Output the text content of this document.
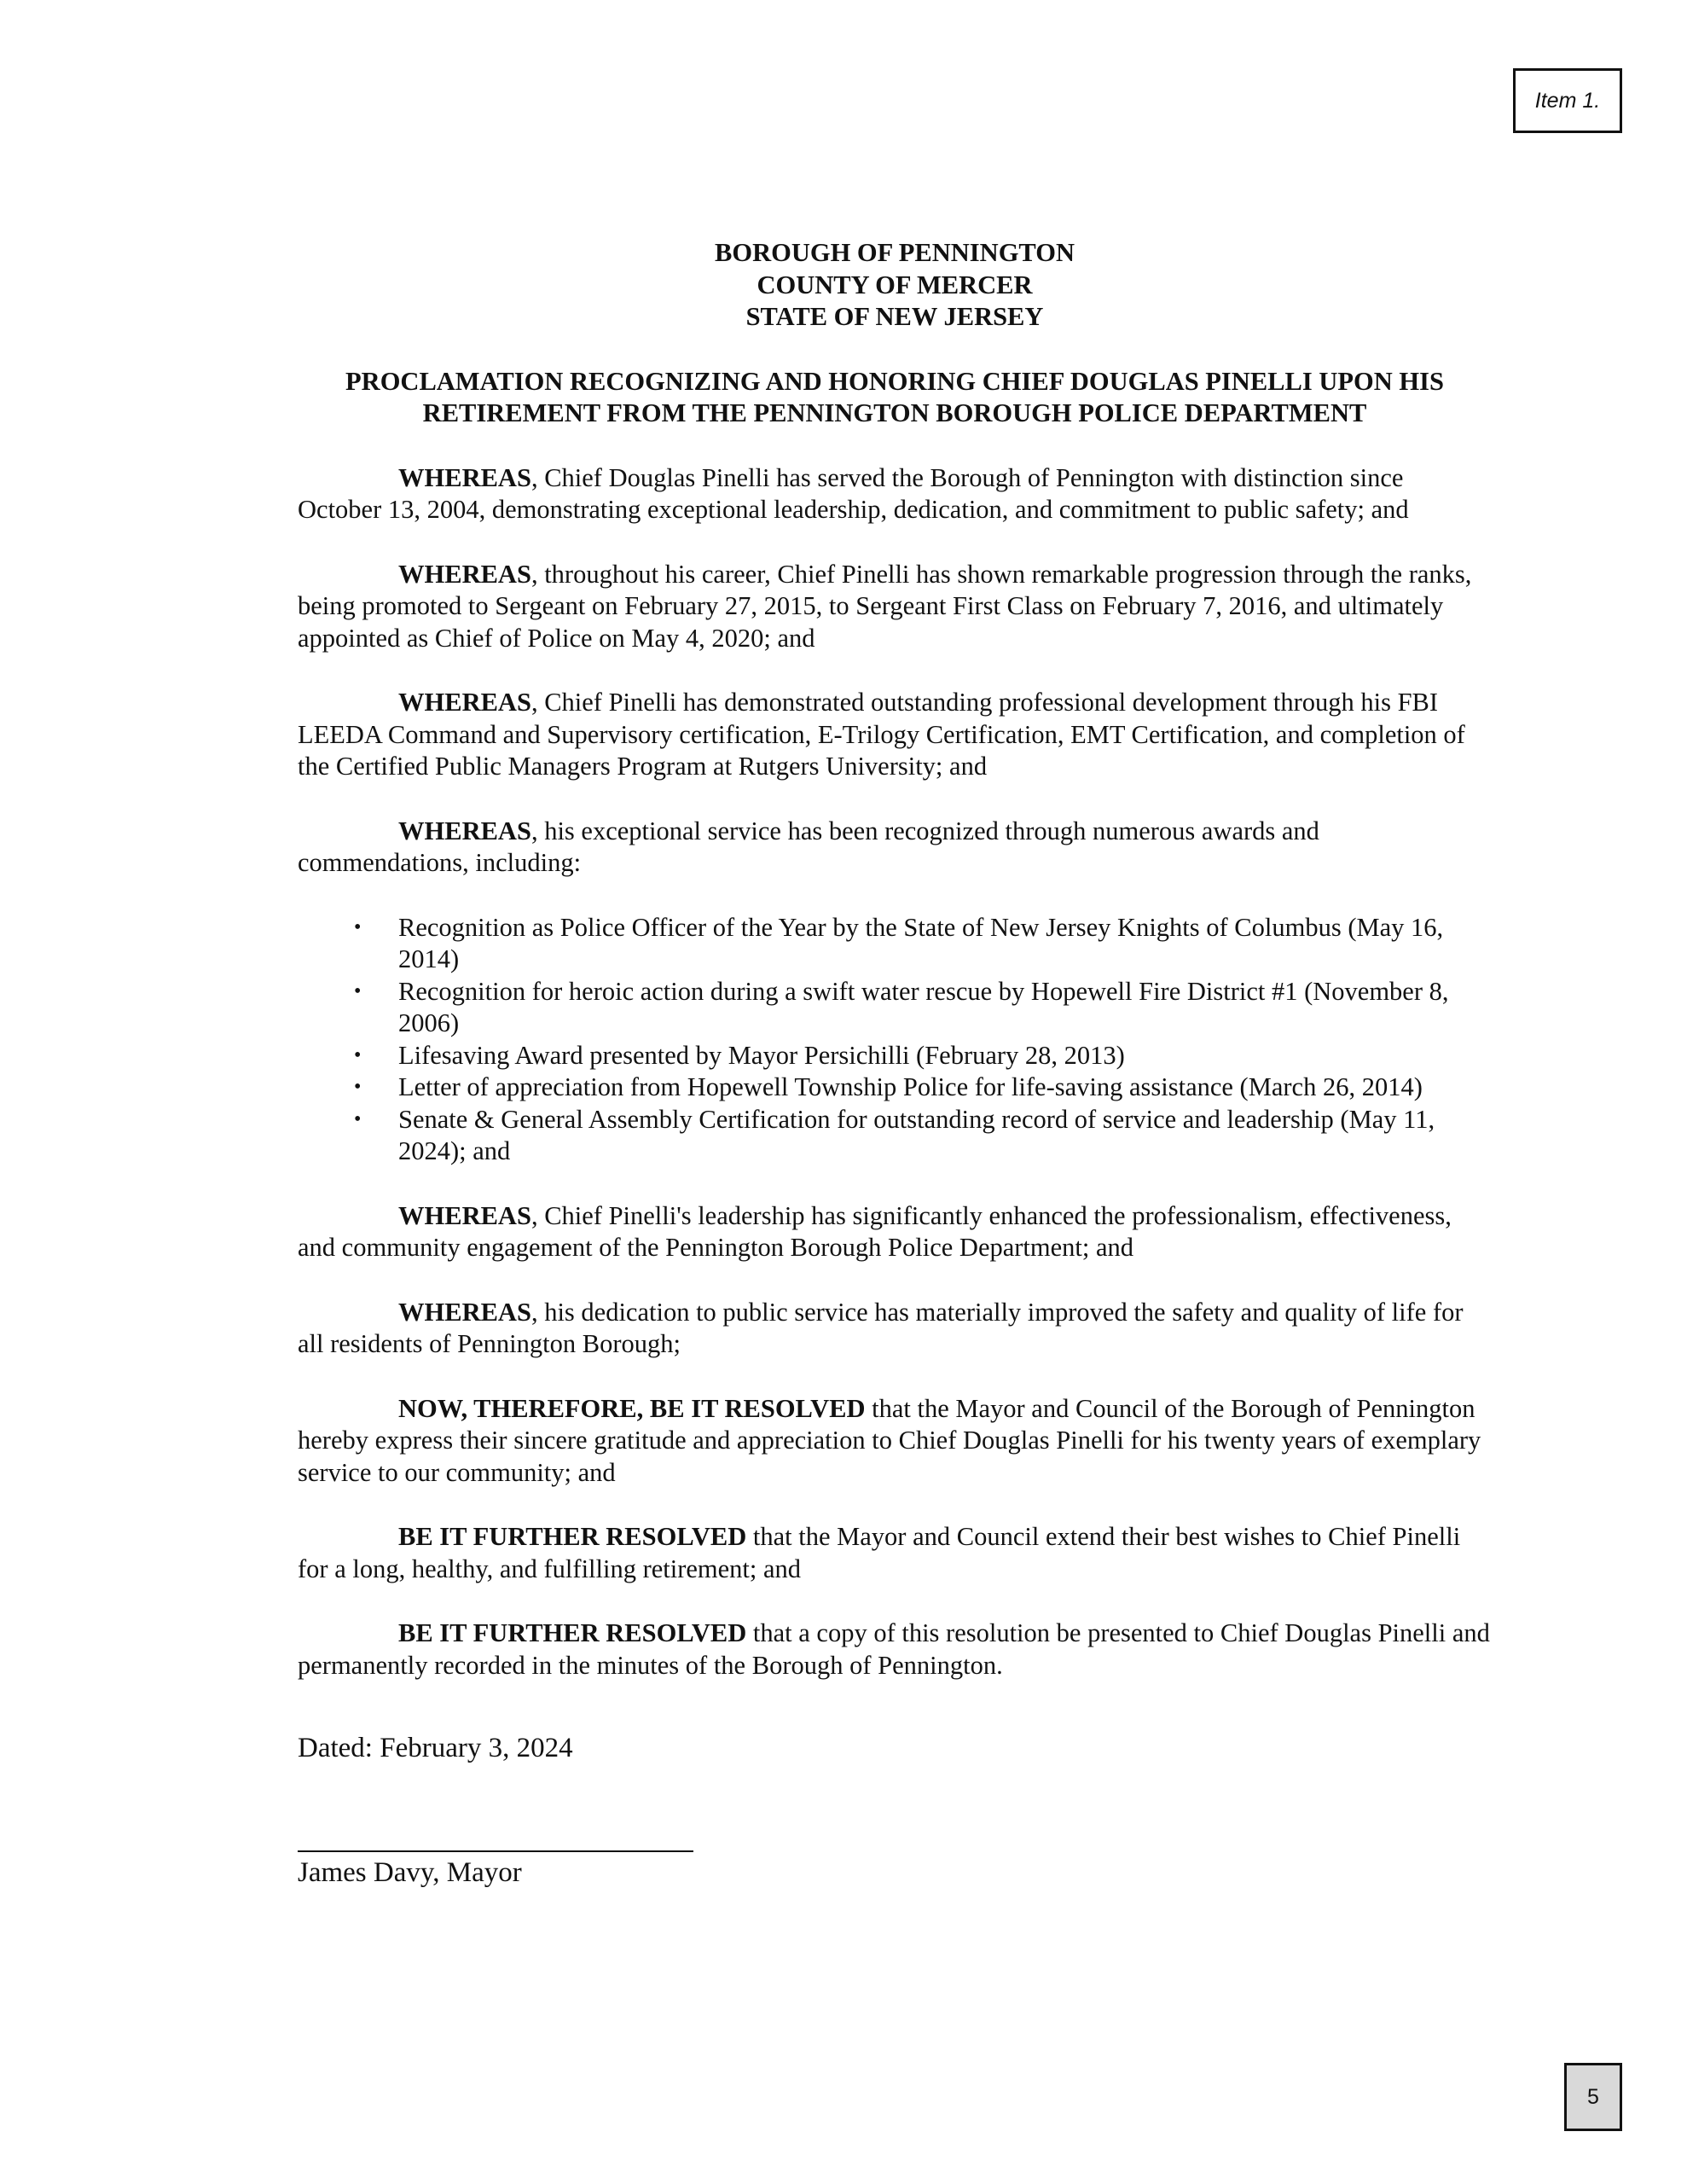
Item 1.
BOROUGH OF PENNINGTON
COUNTY OF MERCER
STATE OF NEW JERSEY
PROCLAMATION RECOGNIZING AND HONORING CHIEF DOUGLAS PINELLI UPON HIS
RETIREMENT FROM THE PENNINGTON BOROUGH POLICE DEPARTMENT
WHEREAS, Chief Douglas Pinelli has served the Borough of Pennington with distinction since October 13, 2004, demonstrating exceptional leadership, dedication, and commitment to public safety; and
WHEREAS, throughout his career, Chief Pinelli has shown remarkable progression through the ranks, being promoted to Sergeant on February 27, 2015, to Sergeant First Class on February 7, 2016, and ultimately appointed as Chief of Police on May 4, 2020; and
WHEREAS, Chief Pinelli has demonstrated outstanding professional development through his FBI LEEDA Command and Supervisory certification, E-Trilogy Certification, EMT Certification, and completion of the Certified Public Managers Program at Rutgers University; and
WHEREAS, his exceptional service has been recognized through numerous awards and commendations, including:
• Recognition as Police Officer of the Year by the State of New Jersey Knights of Columbus (May 16, 2014)
• Recognition for heroic action during a swift water rescue by Hopewell Fire District #1 (November 8, 2006)
• Lifesaving Award presented by Mayor Persichilli (February 28, 2013)
• Letter of appreciation from Hopewell Township Police for life-saving assistance (March 26, 2014)
• Senate & General Assembly Certification for outstanding record of service and leadership (May 11, 2024); and
WHEREAS, Chief Pinelli's leadership has significantly enhanced the professionalism, effectiveness, and community engagement of the Pennington Borough Police Department; and
WHEREAS, his dedication to public service has materially improved the safety and quality of life for all residents of Pennington Borough;
NOW, THEREFORE, BE IT RESOLVED that the Mayor and Council of the Borough of Pennington hereby express their sincere gratitude and appreciation to Chief Douglas Pinelli for his twenty years of exemplary service to our community; and
BE IT FURTHER RESOLVED that the Mayor and Council extend their best wishes to Chief Pinelli for a long, healthy, and fulfilling retirement; and
BE IT FURTHER RESOLVED that a copy of this resolution be presented to Chief Douglas Pinelli and permanently recorded in the minutes of the Borough of Pennington.
Dated: February 3, 2024
James Davy, Mayor
5
